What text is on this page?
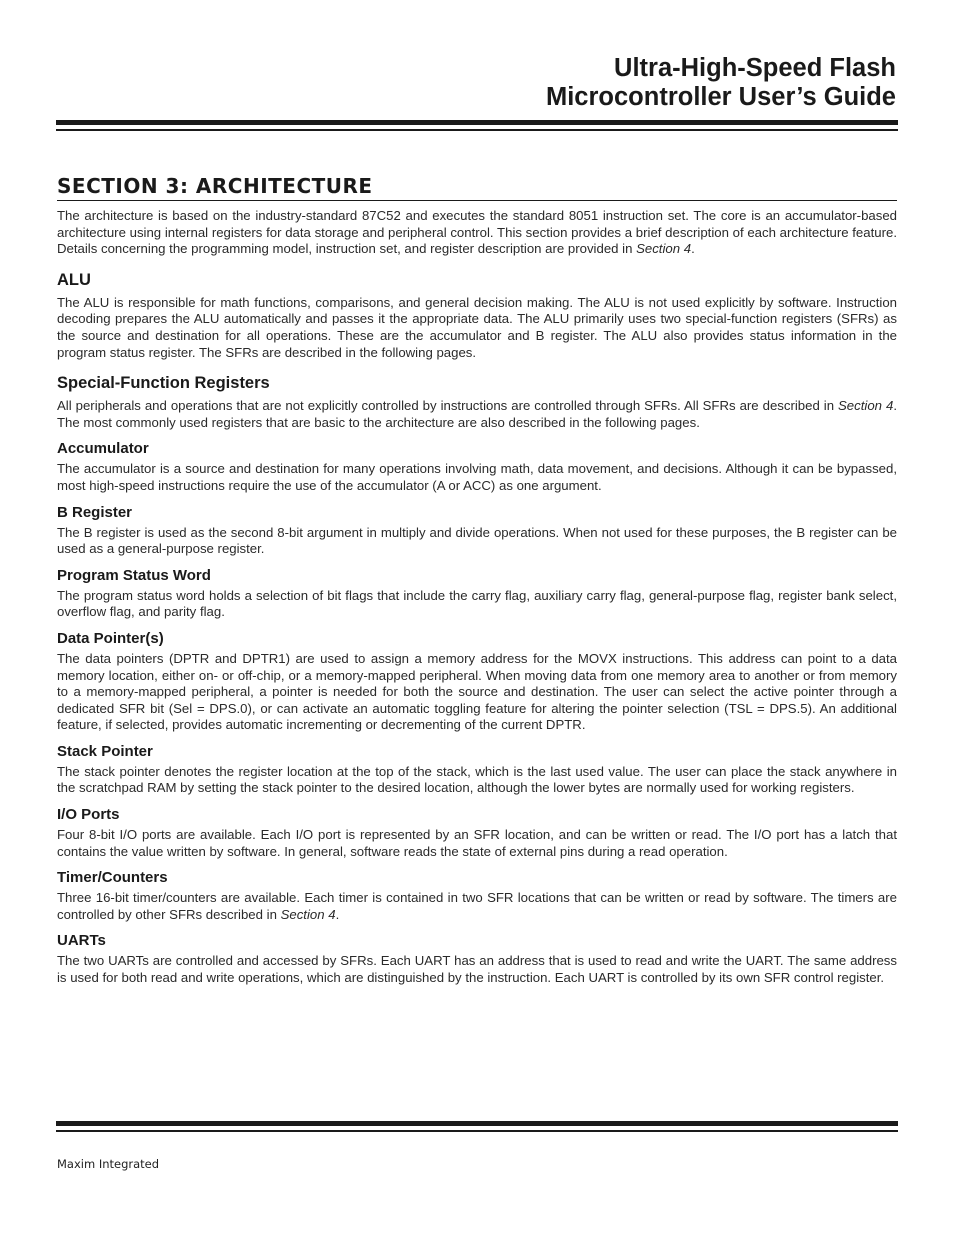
Ultra-High-Speed Flash
Microcontroller User’s Guide
SECTION 3: ARCHITECTURE

The architecture is based on the industry-standard 87C52 and executes the standard 8051 instruction set. The core is an accumulator-based architecture using internal registers for data storage and peripheral control. This section provides a brief description of each architecture feature. Details concerning the programming model, instruction set, and register description are provided in Section 4.

ALU

The ALU is responsible for math functions, comparisons, and general decision making. The ALU is not used explicitly by software. Instruction decoding prepares the ALU automatically and passes it the appropriate data. The ALU primarily uses two special-function registers (SFRs) as the source and destination for all operations. These are the accumulator and B register. The ALU also provides status information in the program status register. The SFRs are described in the following pages.

Special-Function Registers

All peripherals and operations that are not explicitly controlled by instructions are controlled through SFRs. All SFRs are described in Section 4. The most commonly used registers that are basic to the architecture are also described in the following pages.

Accumulator

The accumulator is a source and destination for many operations involving math, data movement, and decisions. Although it can be bypassed, most high-speed instructions require the use of the accumulator (A or ACC) as one argument.

B Register

The B register is used as the second 8-bit argument in multiply and divide operations. When not used for these purposes, the B register can be used as a general-purpose register.

Program Status Word

The program status word holds a selection of bit flags that include the carry flag, auxiliary carry flag, general-purpose flag, register bank select, overflow flag, and parity flag.

Data Pointer(s)

The data pointers (DPTR and DPTR1) are used to assign a memory address for the MOVX instructions. This address can point to a data memory location, either on- or off-chip, or a memory-mapped peripheral. When moving data from one memory area to another or from memory to a memory-mapped peripheral, a pointer is needed for both the source and destination. The user can select the active pointer through a dedicated SFR bit (Sel = DPS.0), or can activate an automatic toggling feature for altering the pointer selection (TSL = DPS.5). An additional feature, if selected, provides automatic incrementing or decrementing of the current DPTR.

Stack Pointer

The stack pointer denotes the register location at the top of the stack, which is the last used value. The user can place the stack anywhere in the scratchpad RAM by setting the stack pointer to the desired location, although the lower bytes are normally used for working registers.

I/O Ports

Four 8-bit I/O ports are available. Each I/O port is represented by an SFR location, and can be written or read. The I/O port has a latch that contains the value written by software. In general, software reads the state of external pins during a read operation.

Timer/Counters

Three 16-bit timer/counters are available. Each timer is contained in two SFR locations that can be written or read by software. The timers are controlled by other SFRs described in Section 4.

UARTs

The two UARTs are controlled and accessed by SFRs. Each UART has an address that is used to read and write the UART. The same address is used for both read and write operations, which are distinguished by the instruction. Each UART is controlled by its own SFR control register.

Maxim Integrated
